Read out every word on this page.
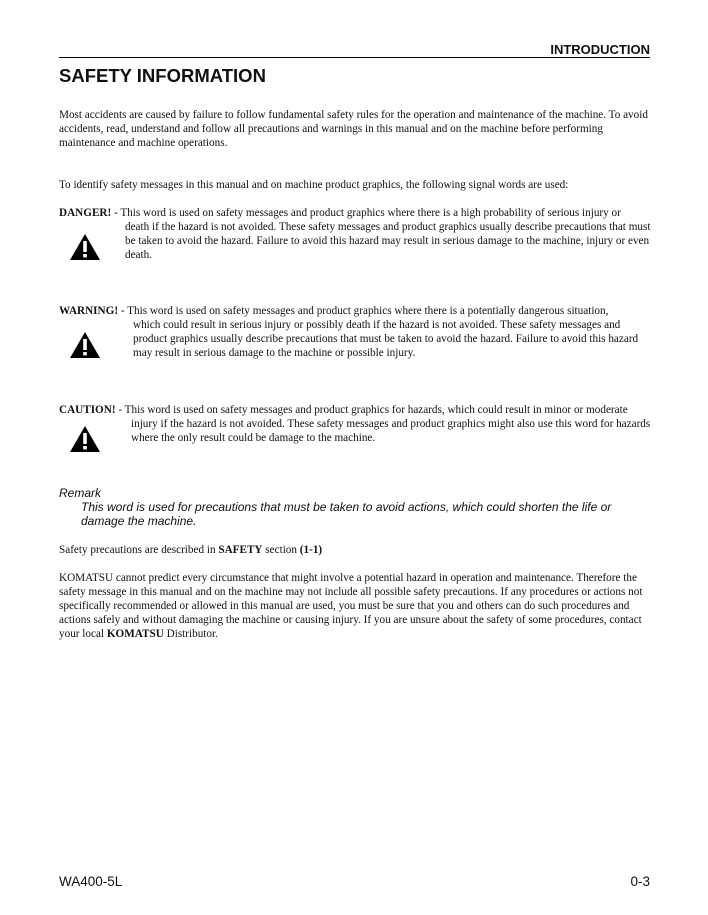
INTRODUCTION
SAFETY INFORMATION

Most accidents are caused by failure to follow fundamental safety rules for the operation and maintenance of the machine. To avoid accidents, read, understand and follow all precautions and warnings in this manual and on the machine before performing maintenance and machine operations.

To identify safety messages in this manual and on machine product graphics, the following signal words are used:

DANGER! - This word is used on safety messages and product graphics where there is a high probability of serious injury or
death if the hazard is not avoided. These safety messages and product graphics usually describe precautions that must be taken to avoid the hazard. Failure to avoid this hazard may result in serious damage to the machine, injury or even death.
WARNING! - This word is used on safety messages and product graphics where there is a potentially dangerous situation,
which could result in serious injury or possibly death if the hazard is not avoided. These safety messages and product graphics usually describe precautions that must be taken to avoid the hazard. Failure to avoid this hazard may result in serious damage to the machine or possible injury.
CAUTION! - This word is used on safety messages and product graphics for hazards, which could result in minor or moderate
injury if the hazard is not avoided. These safety messages and product graphics might also use this word for hazards where the only result could be damage to the machine.
Remark

This word is used for precautions that must be taken to avoid actions, which could shorten the life or damage the machine.

Safety precautions are described in SAFETY section (1-1)

KOMATSU cannot predict every circumstance that might involve a potential hazard in operation and maintenance. Therefore the safety message in this manual and on the machine may not include all possible safety precautions. If any procedures or actions not specifically recommended or allowed in this manual are used, you must be sure that you and others can do such procedures and actions safely and without damaging the machine or causing injury. If you are unsure about the safety of some procedures, contact your local KOMATSU Distributor.

WA400-5L	0-3
